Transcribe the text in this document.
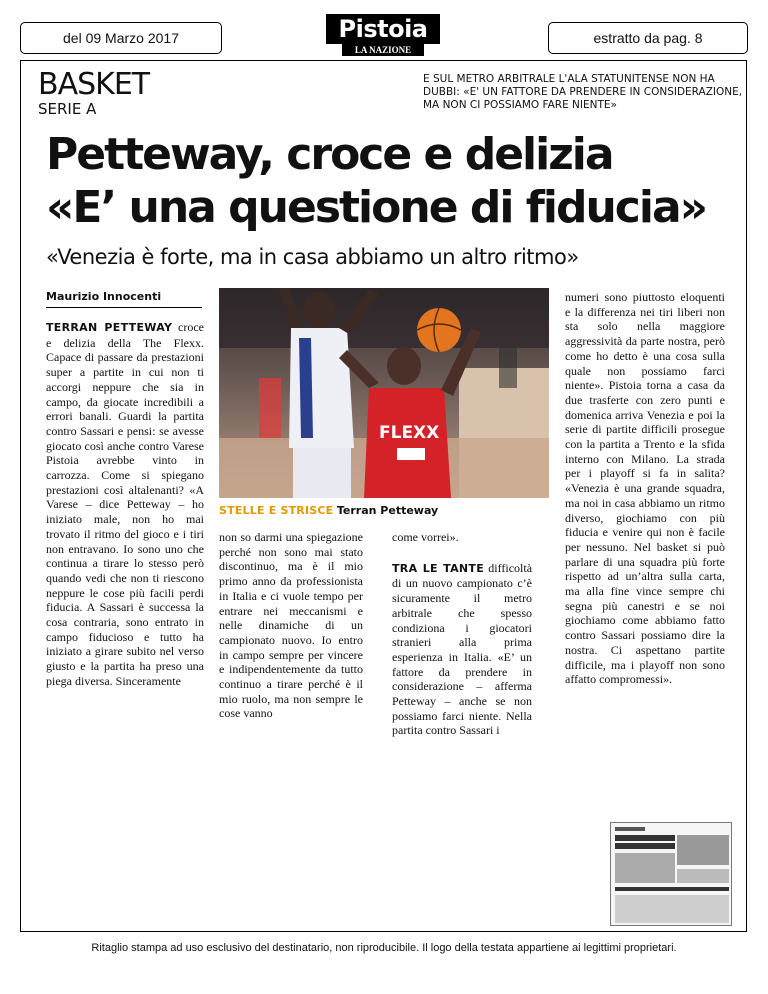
del 09 Marzo 2017	Pistoia
LA NAZIONE
estratto da pag. 8
BASKET
SERIE A
E SUL METRO ARBITRALE L'ALA STATUNITENSE NON HA DUBBI: «E' UN FATTORE DA PRENDERE IN CONSIDERAZIONE, MA NON CI POSSIAMO FARE NIENTE»
Petteway, croce e delizia
«E’ una questione di fiducia»
«Venezia è forte, ma in casa abbiamo un altro ritmo»
Maurizio Innocenti
TERRAN PETTEWAY croce e delizia della The Flexx. Capace di passare da prestazioni super a partite in cui non ti accorgi neppure che sia in campo, da giocate incredibili a errori banali. Guardi la partita contro Sassari e pensi: se avesse giocato così anche contro Varese Pistoia avrebbe vinto in carrozza. Come si spiegano prestazioni così altalenanti? «A Varese – dice Petteway – ho iniziato male, non ho mai trovato il ritmo del gioco e i tiri non entravano. Io sono uno che continua a tirare lo stesso però quando vedi che non ti riescono neppure le cose più facili perdi fiducia. A Sassari è successa la cosa contraria, sono entrato in campo fiducioso e tutto ha iniziato a girare subito nel verso giusto e la partita ha preso una piega diversa. Sinceramente
FLEXX
STELLE E STRISCE Terran Petteway
non so darmi una spiegazione perché non sono mai stato discontinuo, ma è il mio primo anno da professionista in Italia e ci vuole tempo per entrare nei meccanismi e nelle dinamiche di un campionato nuovo. Io entro in campo sempre per vincere e indipendentemente da tutto continuo a tirare perché è il mio ruolo, ma non sempre le cose vanno
come vorrei».
TRA LE TANTE difficoltà di un nuovo campionato c’è sicuramente il metro arbitrale che spesso condiziona i giocatori stranieri alla prima esperienza in Italia. «E’ un fattore da prendere in considerazione – afferma Petteway – anche se non possiamo farci niente. Nella partita contro Sassari i
numeri sono piuttosto eloquenti e la differenza nei tiri liberi non sta solo nella maggiore aggressività da parte nostra, però come ho detto è una cosa sulla quale non possiamo farci niente». Pistoia torna a casa da due trasferte con zero punti e domenica arriva Venezia e poi la serie di partite difficili prosegue con la partita a Trento e la sfida interno con Milano. La strada per i playoff si fa in salita? «Venezia è una grande squadra, ma noi in casa abbiamo un ritmo diverso, giochiamo con più fiducia e venire qui non è facile per nessuno. Nel basket si può parlare di una squadra più forte rispetto ad un’altra sulla carta, ma alla fine vince sempre chi segna più canestri e se noi giochiamo come abbiamo fatto contro Sassari possiamo dire la nostra. Ci aspettano partite difficile, ma i playoff non sono affatto compromessi».
Ritaglio stampa ad uso esclusivo del destinatario, non riproducibile. Il logo della testata appartiene ai legittimi proprietari.
